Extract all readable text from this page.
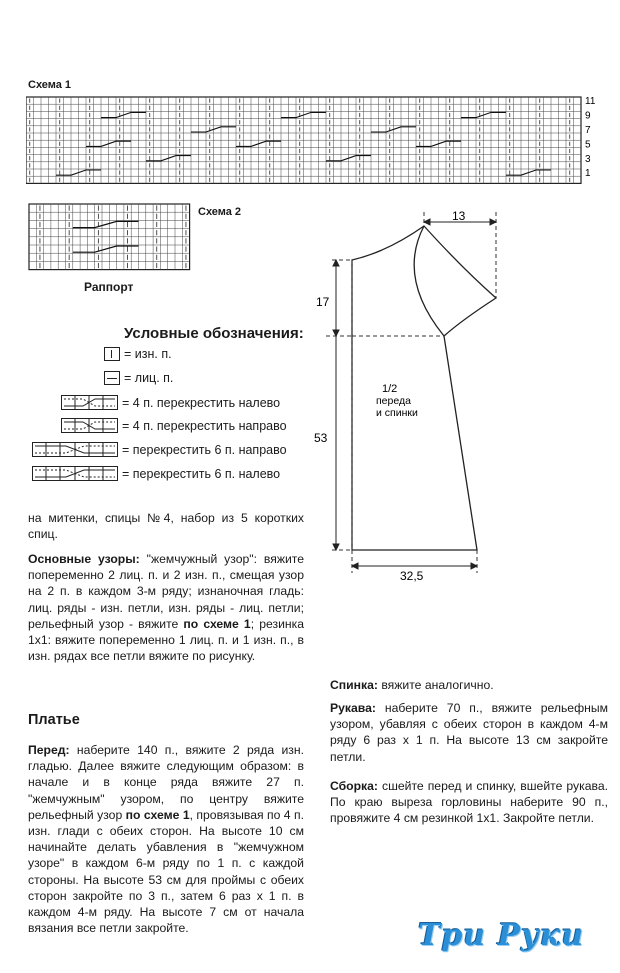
Схема 1
11
9
7
5
3
1
Схема 2
Раппорт
Условные обозначения:
= изн. п.
= лиц. п.
= 4 п. перекрестить налево
= 4 п. перекрестить направо
= перекрестить 6 п. направо
= перекрестить 6 п. налево
13
17
53
32,5
1/2
переда
и спинки
на митенки, спицы №4, набор из 5 коротких спиц.
Основные узоры: "жемчужный узор": вяжите попеременно 2 лиц. п. и 2 изн. п., смещая узор на 2 п. в каждом 3-м ряду; изнаночная гладь: лиц. ряды - изн. петли, изн. ряды - лиц. петли; рельефный узор - вяжите по схеме 1; резинка 1x1: вяжите попеременно 1 лиц. п. и 1 изн. п., в изн. рядах все петли вяжите по рисунку.
Платье
Перед: наберите 140 п., вяжите 2 ряда изн. гладью. Далее вяжите следующим образом: в начале и в конце ряда вяжите 27 п. "жемчужным" узором, по центру вяжите рельефный узор по схеме 1, провязывая по 4 п. изн. глади с обеих сторон. На высоте 10 см начинайте делать убавления в "жемчужном узоре" в каждом 6-м ряду по 1 п. с каждой стороны. На высоте 53 см для проймы с обеих сторон закройте по 3 п., затем 6 раз х 1 п. в каждом 4-м ряду. На высоте 7 см от начала вязания все петли закройте.
Спинка: вяжите аналогично.
Рукава: наберите 70 п., вяжите рельефным узором, убавляя с обеих сторон в каждом 4-м ряду 6 раз х 1 п. На высоте 13 см закройте петли.
Сборка: сшейте перед и спинку, вшейте рукава. По краю выреза горловины наберите 90 п., провяжите 4 см резинкой 1x1. Закройте петли.
Три Руки
